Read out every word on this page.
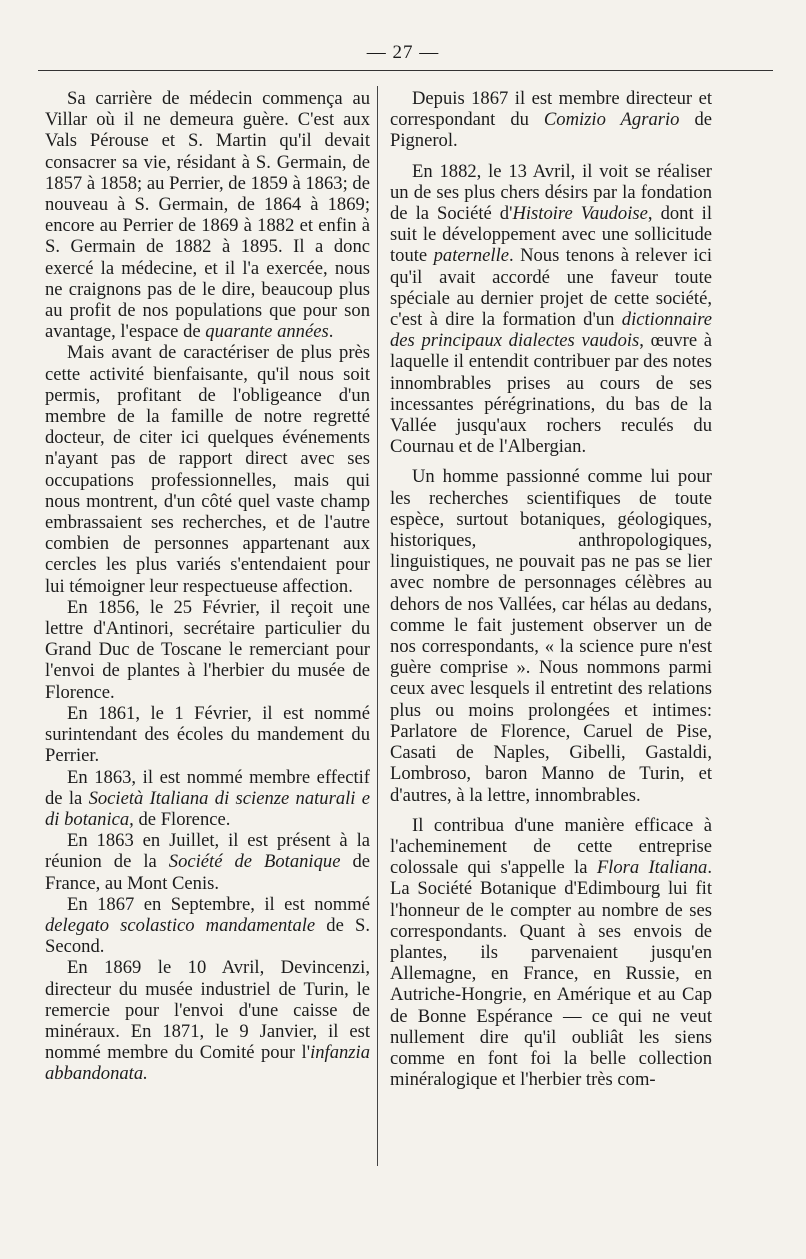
— 27 —

Sa carrière de médecin commença au Villar où il ne demeura guère. C'est aux Vals Pérouse et S. Martin qu'il devait consacrer sa vie, résidant à S. Germain, de 1857 à 1858; au Perrier, de 1859 à 1863; de nouveau à S. Germain, de 1864 à 1869; encore au Perrier de 1869 à 1882 et enfin à S. Germain de 1882 à 1895. Il a donc exercé la médecine, et il l'a exercée, nous ne craignons pas de le dire, beaucoup plus au profit de nos populations que pour son avantage, l'espace de quarante années.

Mais avant de caractériser de plus près cette activité bienfaisante, qu'il nous soit permis, profitant de l'obligeance d'un membre de la famille de notre regretté docteur, de citer ici quelques événements n'ayant pas de rapport direct avec ses occupations professionnelles, mais qui nous montrent, d'un côté quel vaste champ embrassaient ses recherches, et de l'autre combien de personnes appartenant aux cercles les plus variés s'entendaient pour lui témoigner leur respectueuse affection.

En 1856, le 25 Février, il reçoit une lettre d'Antinori, secrétaire particulier du Grand Duc de Toscane le remerciant pour l'envoi de plantes à l'herbier du musée de Florence.

En 1861, le 1 Février, il est nommé surintendant des écoles du mandement du Perrier.

En 1863, il est nommé membre effectif de la Società Italiana di scienze naturali e di botanica, de Florence.

En 1863 en Juillet, il est présent à la réunion de la Société de Botanique de France, au Mont Cenis.

En 1867 en Septembre, il est nommé delegato scolastico mandamentale de S. Second.

En 1869 le 10 Avril, Devincenzi, directeur du musée industriel de Turin, le remercie pour l'envoi d'une caisse de minéraux. En 1871, le 9 Janvier, il est nommé membre du Comité pour l'infanzia abbandonata.

Depuis 1867 il est membre directeur et correspondant du Comizio Agrario de Pignerol.

En 1882, le 13 Avril, il voit se réaliser un de ses plus chers désirs par la fondation de la Société d'Histoire Vaudoise, dont il suit le développement avec une sollicitude toute paternelle. Nous tenons à relever ici qu'il avait accordé une faveur toute spéciale au dernier projet de cette société, c'est à dire la formation d'un dictionnaire des principaux dialectes vaudois, œuvre à laquelle il entendit contribuer par des notes innombrables prises au cours de ses incessantes pérégrinations, du bas de la Vallée jusqu'aux rochers reculés du Cournau et de l'Albergian.

Un homme passionné comme lui pour les recherches scientifiques de toute espèce, surtout botaniques, géologiques, historiques, anthropologiques, linguistiques, ne pouvait pas ne pas se lier avec nombre de personnages célèbres au dehors de nos Vallées, car hélas au dedans, comme le fait justement observer un de nos correspondants, « la science pure n'est guère comprise ». Nous nommons parmi ceux avec lesquels il entretint des relations plus ou moins prolongées et intimes: Parlatore de Florence, Caruel de Pise, Casati de Naples, Gibelli, Gastaldi, Lombroso, baron Manno de Turin, et d'autres, à la lettre, innombrables.

Il contribua d'une manière efficace à l'acheminement de cette entreprise colossale qui s'appelle la Flora Italiana. La Société Botanique d'Edimbourg lui fit l'honneur de le compter au nombre de ses correspondants. Quant à ses envois de plantes, ils parvenaient jusqu'en Allemagne, en France, en Russie, en Autriche-Hongrie, en Amérique et au Cap de Bonne Espérance — ce qui ne veut nullement dire qu'il oubliât les siens comme en font foi la belle collection minéralogique et l'herbier très com-
